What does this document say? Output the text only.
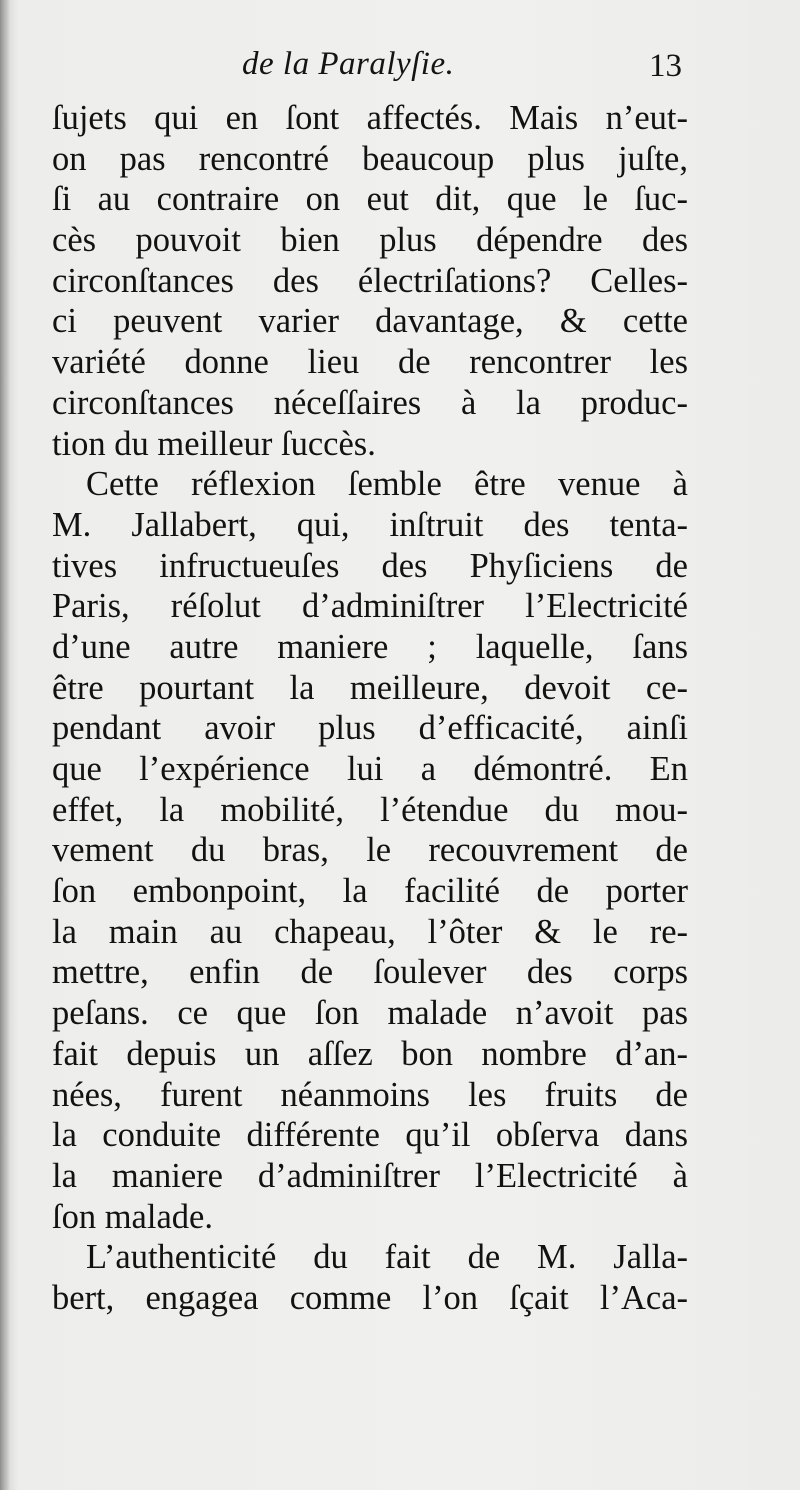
de la Paralyſie.	13
ſujets qui en ſont affectés. Mais n’eut-
on pas rencontré beaucoup plus juſte,
ſi au contraire on eut dit, que le ſuc-
cès pouvoit bien plus dépendre des
circonſtances des électriſations? Celles-
ci peuvent varier davantage, & cette
variété donne lieu de rencontrer les
circonſtances néceſſaires à la produc-
tion du meilleur ſuccès.
Cette réflexion ſemble être venue à
M. Jallabert, qui, inſtruit des tenta-
tives infructueuſes des Phyſiciens de
Paris, réſolut d’adminiſtrer l’Electricité
d’une autre maniere ; laquelle, ſans
être pourtant la meilleure, devoit ce-
pendant avoir plus d’efficacité, ainſi
que l’expérience lui a démontré. En
effet, la mobilité, l’étendue du mou-
vement du bras, le recouvrement de
ſon embonpoint, la facilité de porter
la main au chapeau, l’ôter & le re-
mettre, enfin de ſoulever des corps
peſans. ce que ſon malade n’avoit pas
fait depuis un aſſez bon nombre d’an-
nées, furent néanmoins les fruits de
la conduite différente qu’il obſerva dans
la maniere d’adminiſtrer l’Electricité à
ſon malade.
L’authenticité du fait de M. Jalla-
bert, engagea comme l’on ſçait l’Aca-
